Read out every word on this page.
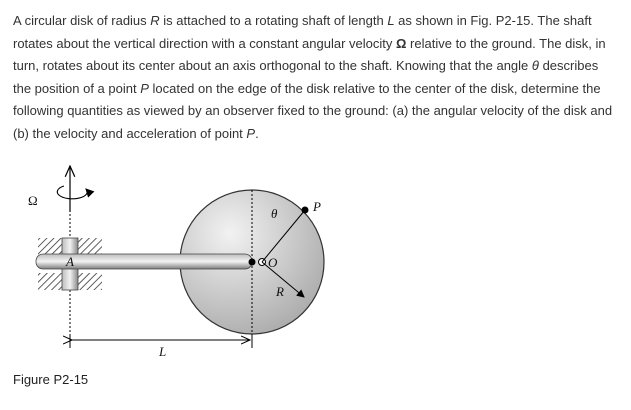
A circular disk of radius R is attached to a rotating shaft of length L as shown in Fig. P2-15. The shaft rotates about the vertical direction with a constant angular velocity Ω relative to the ground. The disk, in turn, rotates about its center about an axis orthogonal to the shaft. Knowing that the angle θ describes the position of a point P located on the edge of the disk relative to the center of the disk, determine the following quantities as viewed by an observer fixed to the ground: (a) the angular velocity of the disk and (b) the velocity and acceleration of point P.

Ω
A	O
P
θ
R
L
Figure P2-15
